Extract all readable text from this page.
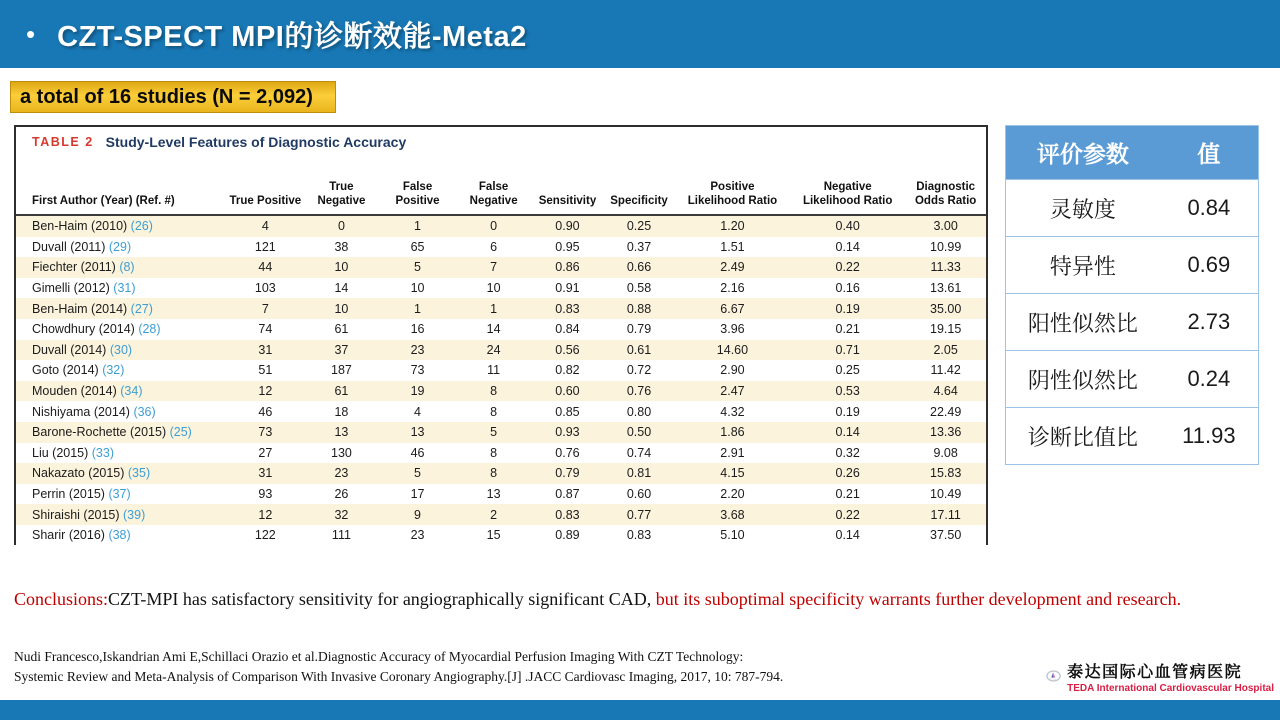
• CZT-SPECT MPI的诊断效能-Meta2
a total of 16 studies (N = 2,092)
TABLE 2 Study-Level Features of Diagnostic Accuracy
First Author (Year) (Ref. #)	True Positive	True Negative	False Positive	False Negative	Sensitivity	Specificity	Positive Likelihood Ratio	Negative Likelihood Ratio	Diagnostic Odds Ratio
Ben-Haim (2010) (26)	4	0	1	0	0.90	0.25	1.20	0.40	3.00
Duvall (2011) (29)	121	38	65	6	0.95	0.37	1.51	0.14	10.99
Fiechter (2011) (8)	44	10	5	7	0.86	0.66	2.49	0.22	11.33
Gimelli (2012) (31)	103	14	10	10	0.91	0.58	2.16	0.16	13.61
Ben-Haim (2014) (27)	7	10	1	1	0.83	0.88	6.67	0.19	35.00
Chowdhury (2014) (28)	74	61	16	14	0.84	0.79	3.96	0.21	19.15
Duvall (2014) (30)	31	37	23	24	0.56	0.61	14.60	0.71	2.05
Goto (2014) (32)	51	187	73	11	0.82	0.72	2.90	0.25	11.42
Mouden (2014) (34)	12	61	19	8	0.60	0.76	2.47	0.53	4.64
Nishiyama (2014) (36)	46	18	4	8	0.85	0.80	4.32	0.19	22.49
Barone-Rochette (2015) (25)	73	13	13	5	0.93	0.50	1.86	0.14	13.36
Liu (2015) (33)	27	130	46	8	0.76	0.74	2.91	0.32	9.08
Nakazato (2015) (35)	31	23	5	8	0.79	0.81	4.15	0.26	15.83
Perrin (2015) (37)	93	26	17	13	0.87	0.60	2.20	0.21	10.49
Shiraishi (2015) (39)	12	32	9	2	0.83	0.77	3.68	0.22	17.11
Sharir (2016) (38)	122	111	23	15	0.89	0.83	5.10	0.14	37.50
评价参数	值
灵敏度	0.84
特异性	0.69
阳性似然比	2.73
阴性似然比	0.24
诊断比值比	11.93
Conclusions:CZT-MPI has satisfactory sensitivity for angiographically significant CAD, but its suboptimal specificity warrants further development and research.
Nudi Francesco,Iskandrian Ami E,Schillaci Orazio et al.Diagnostic Accuracy of Myocardial Perfusion Imaging With CZT Technology:
Systemic Review and Meta-Analysis of Comparison With Invasive Coronary Angiography.[J] .JACC Cardiovasc Imaging, 2017, 10: 787-794.	泰达国际心血管病医院
TEDA International Cardiovascular Hospital
